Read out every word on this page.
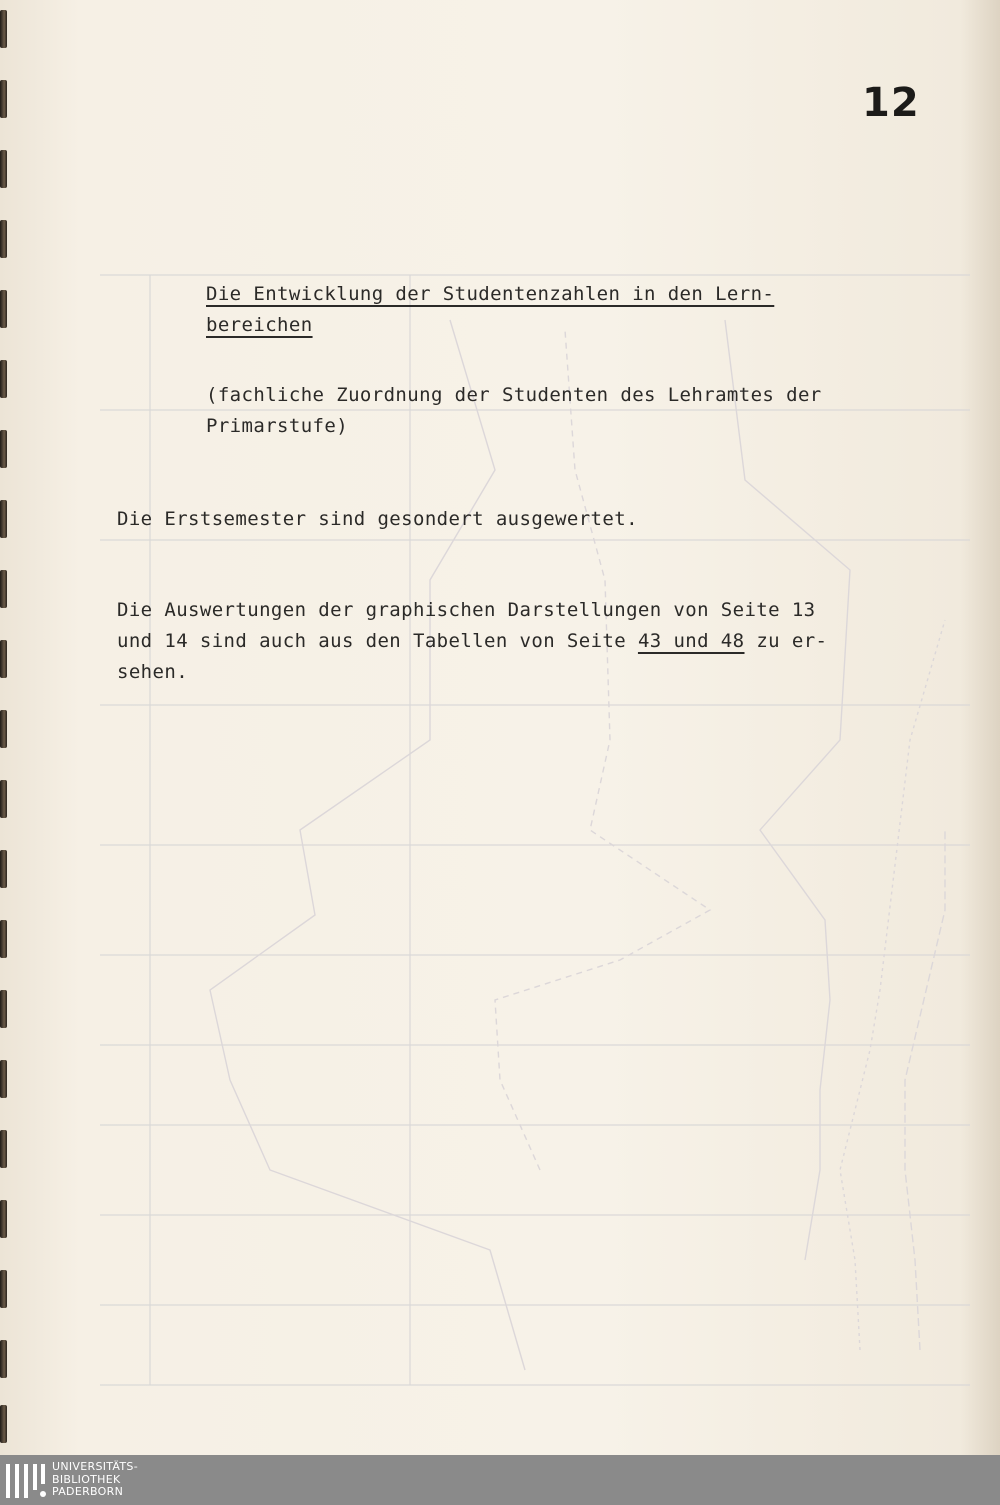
12
Die Entwicklung der Studentenzahlen in den Lern-
bereichen
(fachliche Zuordnung der Studenten des Lehramtes der
Primarstufe)
Die Erstsemester sind gesondert ausgewertet.
Die Auswertungen der graphischen Darstellungen von Seite 13
und 14 sind auch aus den Tabellen von Seite 43 und 48 zu er-
sehen.
UNIVERSITÄTS-
BIBLIOTHEK
PADERBORN
